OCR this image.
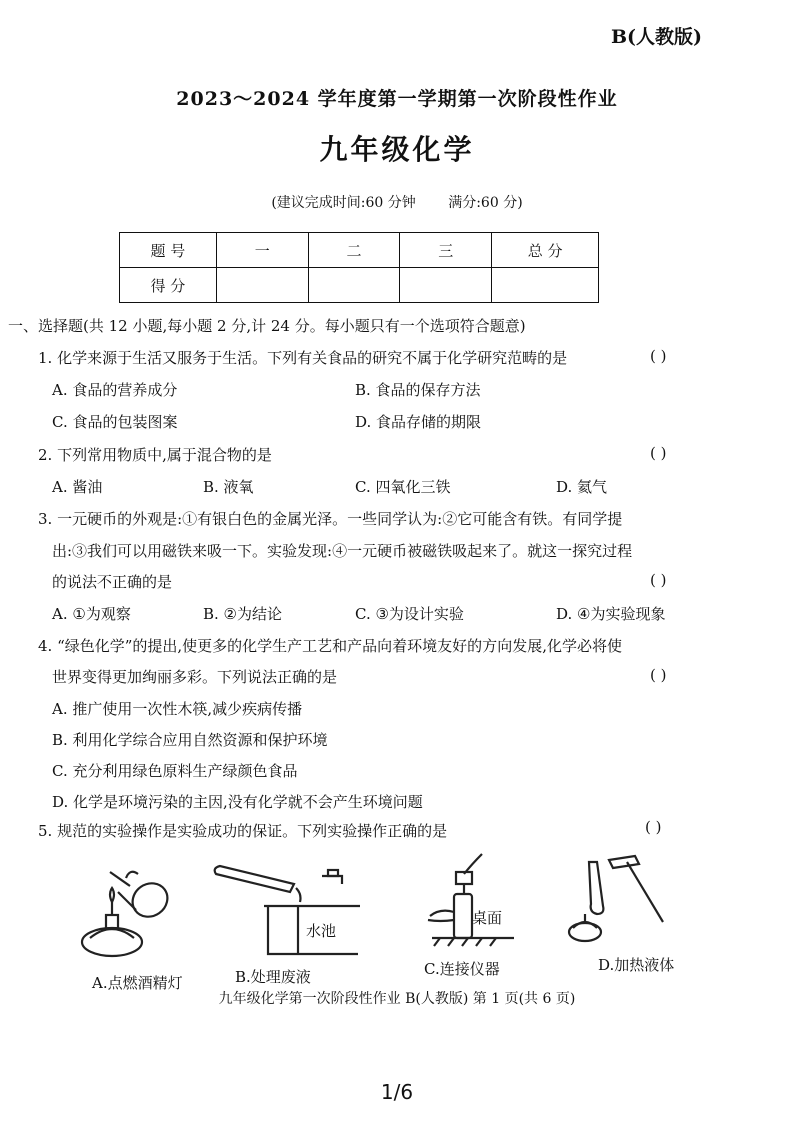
B(人教版)
2023～2024 学年度第一学期第一次阶段性作业
九年级化学
(建议完成时间:60 分钟 满分:60 分)
题 号	一	二	三	总 分
得 分				
一、选择题(共 12 小题,每小题 2 分,计 24 分。每小题只有一个选项符合题意)
1. 化学来源于生活又服务于生活。下列有关食品的研究不属于化学研究范畴的是	( )
A. 食品的营养成分	B. 食品的保存方法
C. 食品的包装图案	D. 食品存储的期限
2. 下列常用物质中,属于混合物的是	( )
A. 酱油	B. 液氧	C. 四氧化三铁	D. 氦气
3. 一元硬币的外观是:①有银白色的金属光泽。一些同学认为:②它可能含有铁。有同学提
出:③我们可以用磁铁来吸一下。实验发现:④一元硬币被磁铁吸起来了。就这一探究过程
的说法不正确的是	( )
A. ①为观察	B. ②为结论	C. ③为设计实验	D. ④为实验现象
4. “绿色化学”的提出,使更多的化学生产工艺和产品向着环境友好的方向发展,化学必将使
世界变得更加绚丽多彩。下列说法正确的是	( )
A. 推广使用一次性木筷,减少疾病传播
B. 利用化学综合应用自然资源和保护环境
C. 充分利用绿色原料生产绿颜色食品
D. 化学是环境污染的主因,没有化学就不会产生环境问题
5. 规范的实验操作是实验成功的保证。下列实验操作正确的是	( )
A.点燃酒精灯
水池
B.处理废液
桌面
C.连接仪器	D.加热液体
九年级化学第一次阶段性作业 B(人教版) 第 1 页(共 6 页)
1/6
